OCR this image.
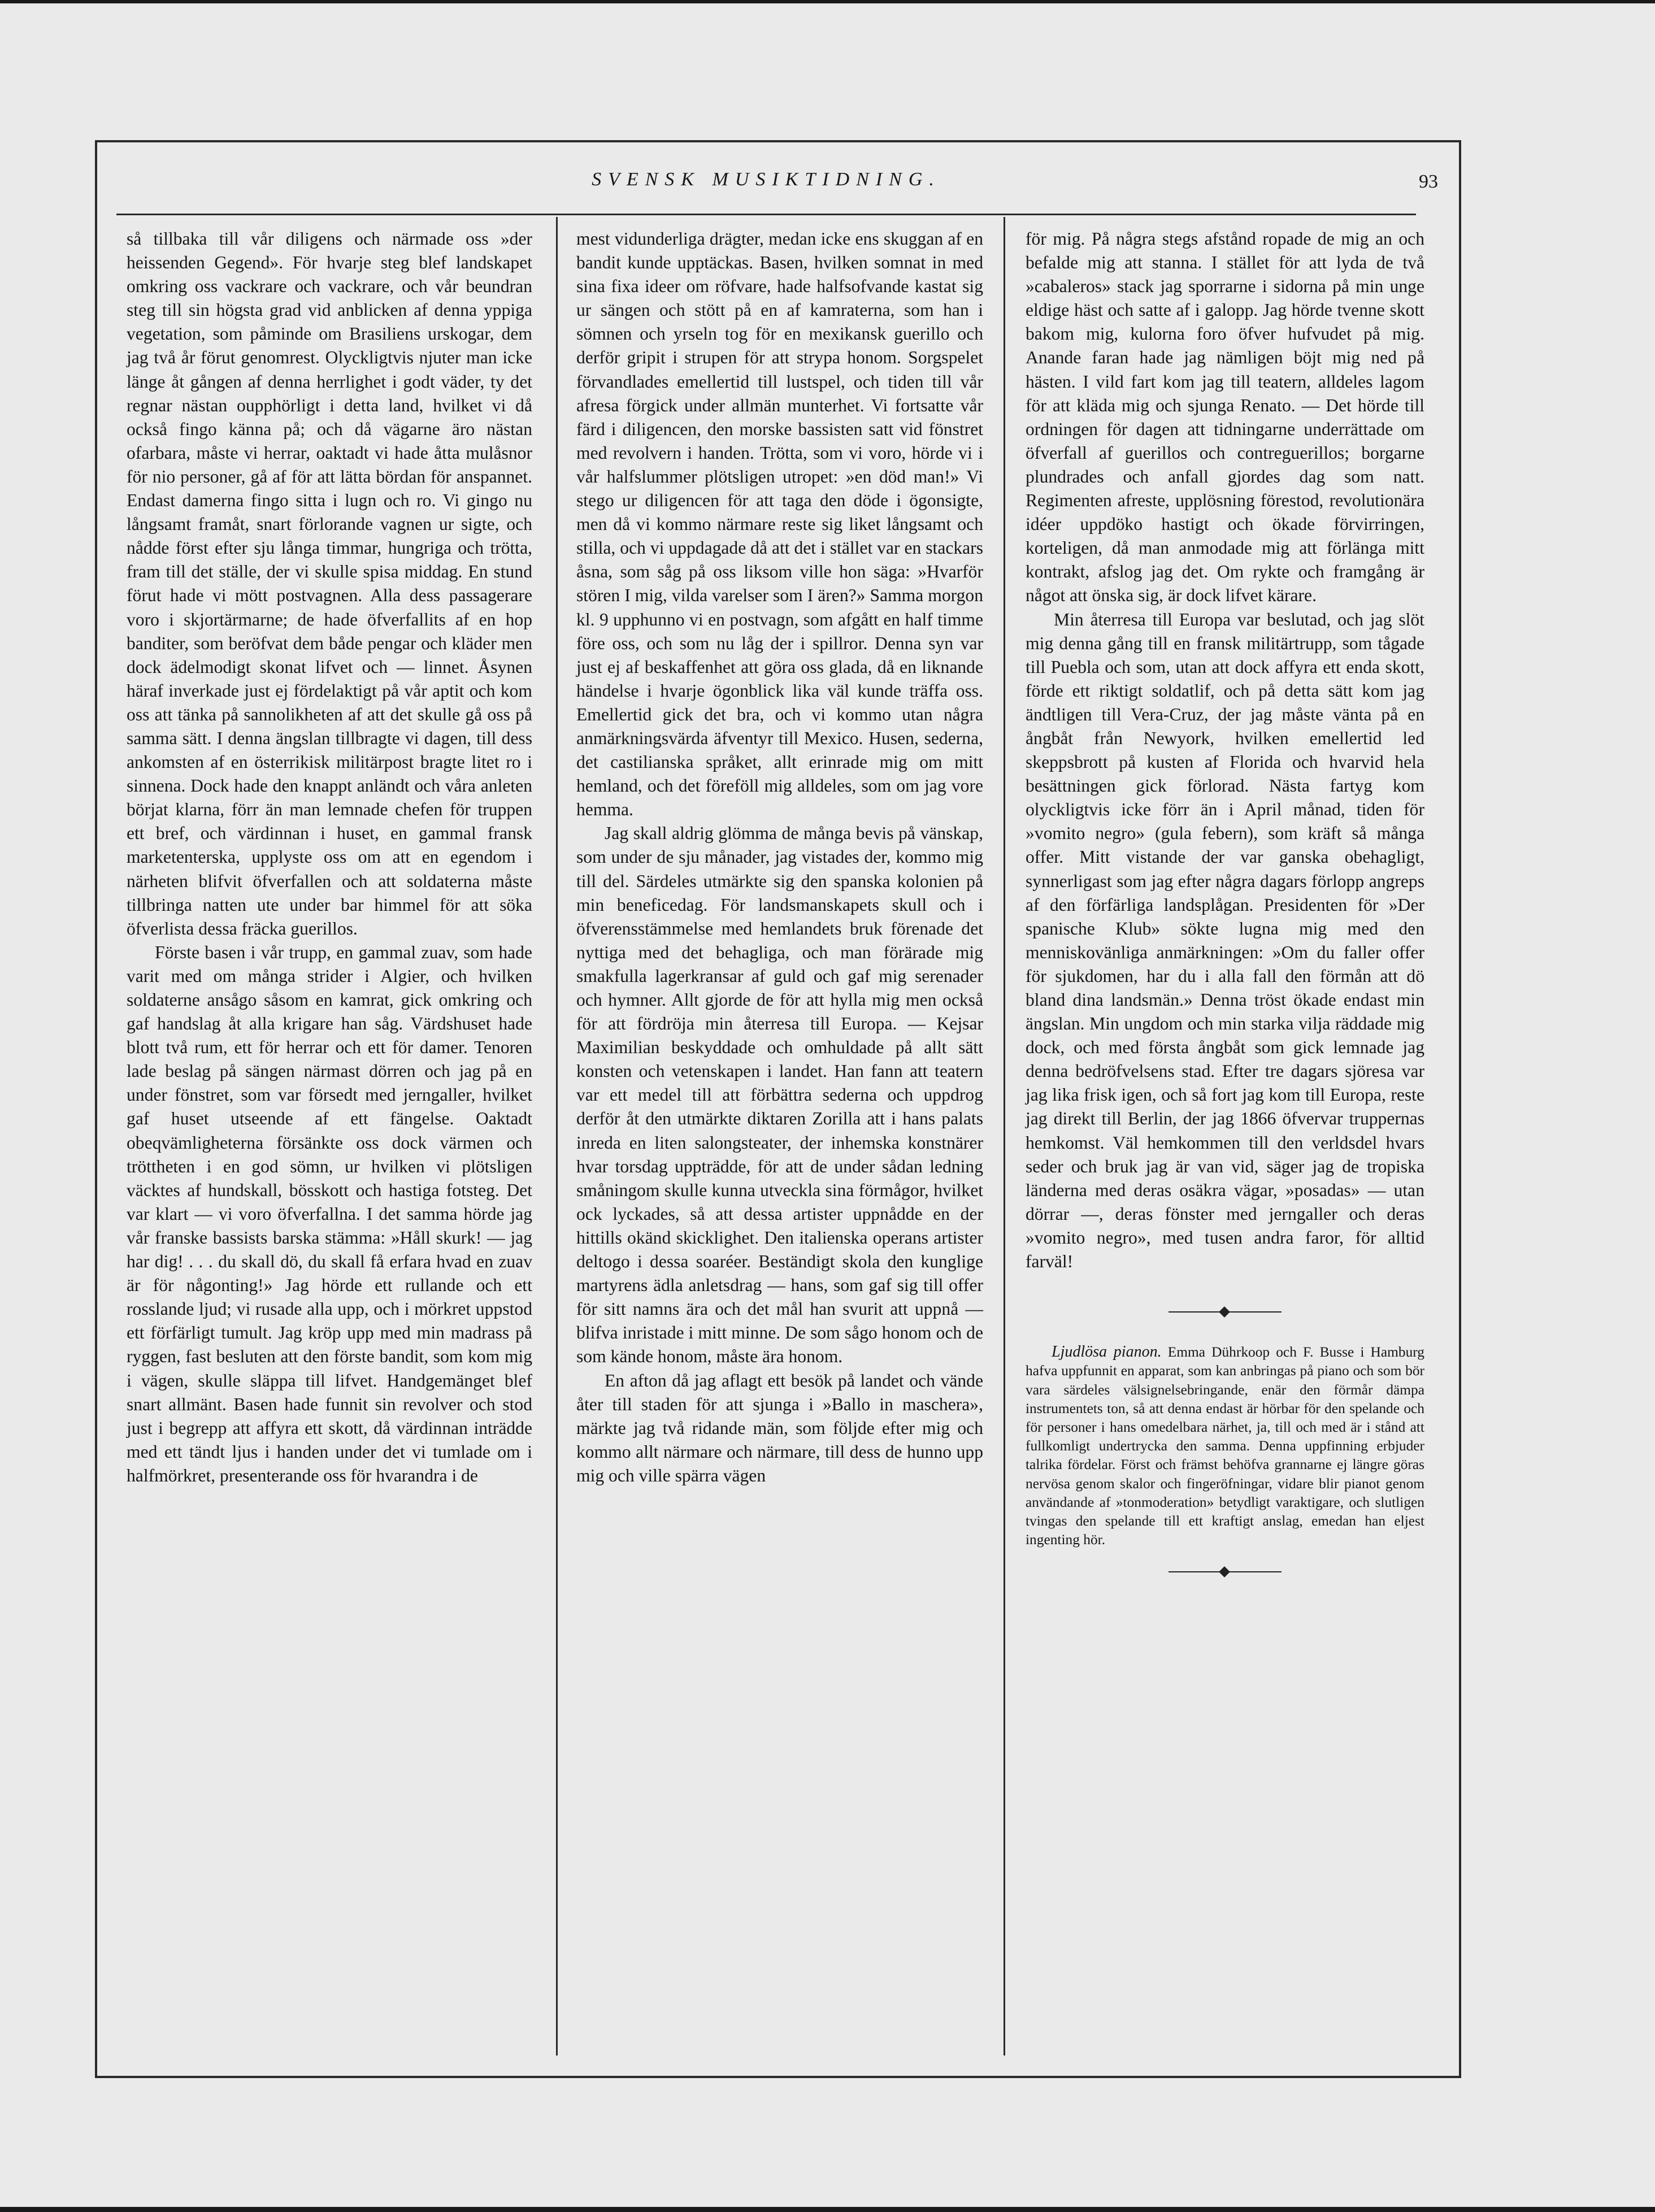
SVENSK MUSIKTIDNING.	93

så tillbaka till vår diligens och närmade oss »der heissenden Gegend». För hvarje steg blef landskapet omkring oss vackrare och vackrare, och vår beundran steg till sin högsta grad vid anblicken af denna yppiga vegetation, som påminde om Brasiliens urskogar, dem jag två år förut genomrest. Olyckligtvis njuter man icke länge åt gången af denna herrlighet i godt väder, ty det regnar nästan oupphörligt i detta land, hvilket vi då också fingo känna på; och då vägarne äro nästan ofarbara, måste vi herrar, oaktadt vi hade åtta mulåsnor för nio personer, gå af för att lätta bördan för anspannet. Endast damerna fingo sitta i lugn och ro. Vi gingo nu långsamt framåt, snart förlorande vagnen ur sigte, och nådde först efter sju långa timmar, hungriga och trötta, fram till det ställe, der vi skulle spisa middag. En stund förut hade vi mött postvagnen. Alla dess passagerare voro i skjortärmarne; de hade öfverfallits af en hop banditer, som beröfvat dem både pengar och kläder men dock ädelmodigt skonat lifvet och — linnet. Åsynen häraf inverkade just ej fördelaktigt på vår aptit och kom oss att tänka på sannolikheten af att det skulle gå oss på samma sätt. I denna ängslan tillbragte vi dagen, till dess ankomsten af en österrikisk militärpost bragte litet ro i sinnena. Dock hade den knappt anländt och våra anleten börjat klarna, förr än man lemnade chefen för truppen ett bref, och värdinnan i huset, en gammal fransk marketenterska, upplyste oss om att en egendom i närheten blifvit öfverfallen och att soldaterna måste tillbringa natten ute under bar himmel för att söka öfverlista dessa fräcka guerillos.

Förste basen i vår trupp, en gammal zuav, som hade varit med om många strider i Algier, och hvilken soldaterne ansågo såsom en kamrat, gick omkring och gaf handslag åt alla krigare han såg. Värdshuset hade blott två rum, ett för herrar och ett för damer. Tenoren lade beslag på sängen närmast dörren och jag på en under fönstret, som var försedt med jerngaller, hvilket gaf huset utseende af ett fängelse. Oaktadt obeqvämligheterna försänkte oss dock värmen och tröttheten i en god sömn, ur hvilken vi plötsligen väcktes af hundskall, bösskott och hastiga fotsteg. Det var klart — vi voro öfverfallna. I det samma hörde jag vår franske bassists barska stämma: »Håll skurk! — jag har dig! . . . du skall dö, du skall få erfara hvad en zuav är för någonting!» Jag hörde ett rullande och ett rosslande ljud; vi rusade alla upp, och i mörkret uppstod ett förfärligt tumult. Jag kröp upp med min madrass på ryggen, fast besluten att den förste bandit, som kom mig i vägen, skulle släppa till lifvet. Handgemänget blef snart allmänt. Basen hade funnit sin revolver och stod just i begrepp att affyra ett skott, då värdinnan inträdde med ett tändt ljus i handen under det vi tumlade om i halfmörkret, presenterande oss för hvarandra i de

mest vidunderliga drägter, medan icke ens skuggan af en bandit kunde upptäckas. Basen, hvilken somnat in med sina fixa ideer om röfvare, hade halfsofvande kastat sig ur sängen och stött på en af kamraterna, som han i sömnen och yrseln tog för en mexikansk guerillo och derför gripit i strupen för att strypa honom. Sorgspelet förvandlades emellertid till lustspel, och tiden till vår afresa förgick under allmän munterhet. Vi fortsatte vår färd i diligencen, den morske bassisten satt vid fönstret med revolvern i handen. Trötta, som vi voro, hörde vi i vår halfslummer plötsligen utropet: »en död man!» Vi stego ur diligencen för att taga den döde i ögonsigte, men då vi kommo närmare reste sig liket långsamt och stilla, och vi uppdagade då att det i stället var en stackars åsna, som såg på oss liksom ville hon säga: »Hvarför stören I mig, vilda varelser som I ären?» Samma morgon kl. 9 upphunno vi en postvagn, som afgått en half timme före oss, och som nu låg der i spillror. Denna syn var just ej af beskaffenhet att göra oss glada, då en liknande händelse i hvarje ögonblick lika väl kunde träffa oss. Emellertid gick det bra, och vi kommo utan några anmärkningsvärda äfventyr till Mexico. Husen, sederna, det castilianska språket, allt erinrade mig om mitt hemland, och det föreföll mig alldeles, som om jag vore hemma.

Jag skall aldrig glömma de många bevis på vänskap, som under de sju månader, jag vistades der, kommo mig till del. Särdeles utmärkte sig den spanska kolonien på min beneficedag. För landsmanskapets skull och i öfverensstämmelse med hemlandets bruk förenade det nyttiga med det behagliga, och man förärade mig smakfulla lagerkransar af guld och gaf mig serenader och hymner. Allt gjorde de för att hylla mig men också för att fördröja min återresa till Europa. — Kejsar Maximilian beskyddade och omhuldade på allt sätt konsten och vetenskapen i landet. Han fann att teatern var ett medel till att förbättra sederna och uppdrog derför åt den utmärkte diktaren Zorilla att i hans palats inreda en liten salongsteater, der inhemska konstnärer hvar torsdag uppträdde, för att de under sådan ledning småningom skulle kunna utveckla sina förmågor, hvilket ock lyckades, så att dessa artister uppnådde en der hittills okänd skicklighet. Den italienska operans artister deltogo i dessa soaréer. Beständigt skola den kunglige martyrens ädla anletsdrag — hans, som gaf sig till offer för sitt namns ära och det mål han svurit att uppnå — blifva inristade i mitt minne. De som sågo honom och de som kände honom, måste ära honom.

En afton då jag aflagt ett besök på landet och vände åter till staden för att sjunga i »Ballo in maschera», märkte jag två ridande män, som följde efter mig och kommo allt närmare och närmare, till dess de hunno upp mig och ville spärra vägen

för mig. På några stegs afstånd ropade de mig an och befalde mig att stanna. I stället för att lyda de två »cabaleros» stack jag sporrarne i sidorna på min unge eldige häst och satte af i galopp. Jag hörde tvenne skott bakom mig, kulorna foro öfver hufvudet på mig. Anande faran hade jag nämligen böjt mig ned på hästen. I vild fart kom jag till teatern, alldeles lagom för att kläda mig och sjunga Renato. — Det hörde till ordningen för dagen att tidningarne underrättade om öfverfall af guerillos och contreguerillos; borgarne plundrades och anfall gjordes dag som natt. Regimenten afreste, upplösning förestod, revolutionära idéer uppdöko hastigt och ökade förvirringen, korteligen, då man anmodade mig att förlänga mitt kontrakt, afslog jag det. Om rykte och framgång är något att önska sig, är dock lifvet kärare.

Min återresa till Europa var beslutad, och jag slöt mig denna gång till en fransk militärtrupp, som tågade till Puebla och som, utan att dock affyra ett enda skott, förde ett riktigt soldatlif, och på detta sätt kom jag ändtligen till Vera-Cruz, der jag måste vänta på en ångbåt från Newyork, hvilken emellertid led skeppsbrott på kusten af Florida och hvarvid hela besättningen gick förlorad. Nästa fartyg kom olyckligtvis icke förr än i April månad, tiden för »vomito negro» (gula febern), som kräft så många offer. Mitt vistande der var ganska obehagligt, synnerligast som jag efter några dagars förlopp angreps af den förfärliga landsplågan. Presidenten för »Der spanische Klub» sökte lugna mig med den menniskovänliga anmärkningen: »Om du faller offer för sjukdomen, har du i alla fall den förmån att dö bland dina landsmän.» Denna tröst ökade endast min ängslan. Min ungdom och min starka vilja räddade mig dock, och med första ångbåt som gick lemnade jag denna bedröfvelsens stad. Efter tre dagars sjöresa var jag lika frisk igen, och så fort jag kom till Europa, reste jag direkt till Berlin, der jag 1866 öfvervar truppernas hemkomst. Väl hemkommen till den verldsdel hvars seder och bruk jag är van vid, säger jag de tropiska länderna med deras osäkra vägar, »posadas» — utan dörrar —, deras fönster med jerngaller och deras »vomito negro», med tusen andra faror, för alltid farväl!

Ljudlösa pianon. Emma Dührkoop och F. Busse i Hamburg hafva uppfunnit en apparat, som kan anbringas på piano och som bör vara särdeles välsignelsebringande, enär den förmår dämpa instrumentets ton, så att denna endast är hörbar för den spelande och för personer i hans omedelbara närhet, ja, till och med är i stånd att fullkomligt undertrycka den samma. Denna uppfinning erbjuder talrika fördelar. Först och främst behöfva grannarne ej längre göras nervösa genom skalor och fingeröfningar, vidare blir pianot genom användande af »tonmoderation» betydligt varaktigare, och slutligen tvingas den spelande till ett kraftigt anslag, emedan han eljest ingenting hör.
